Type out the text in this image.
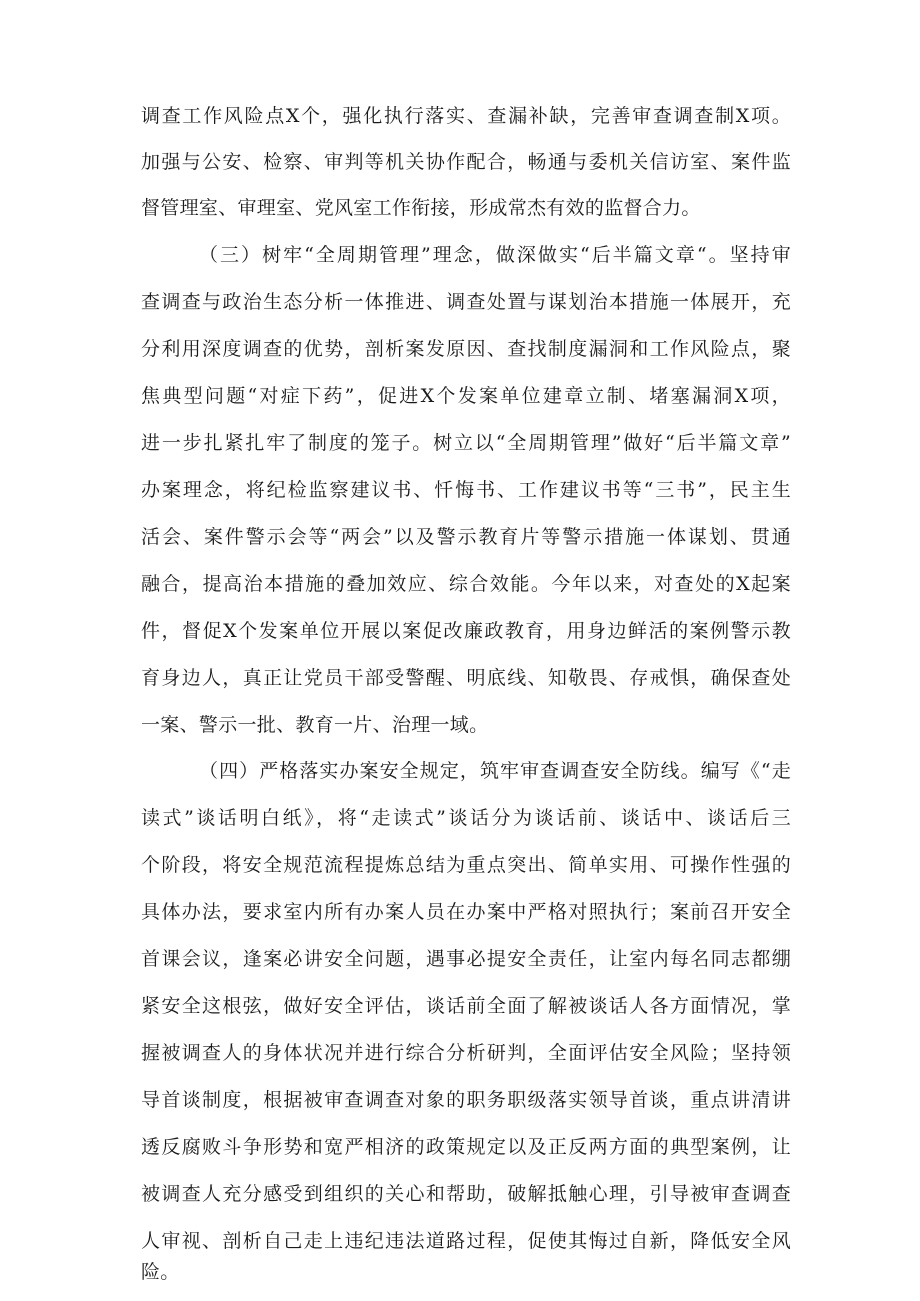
调查工作风险点X个，强化执行落实、查漏补缺，完善审查调查制X项。
加强与公安、检察、审判等机关协作配合，畅通与委机关信访室、案件监
督管理室、审理室、党风室工作衔接，形成常杰有效的监督合力。
（三）树牢“全周期管理”理念，做深做实“后半篇文章“。坚持审
查调查与政治生态分析一体推进、调查处置与谋划治本措施一体展开，充
分利用深度调查的优势，剖析案发原因、查找制度漏洞和工作风险点，聚
焦典型问题“对症下药”，促进X个发案单位建章立制、堵塞漏洞X项，
进一步扎紧扎牢了制度的笼子。树立以“全周期管理”做好“后半篇文章”
办案理念，将纪检监察建议书、忏悔书、工作建议书等“三书”，民主生
活会、案件警示会等“两会”以及警示教育片等警示措施一体谋划、贯通
融合，提高治本措施的叠加效应、综合效能。今年以来，对查处的X起案
件，督促X个发案单位开展以案促改廉政教育，用身边鲜活的案例警示教
育身边人，真正让党员干部受警醒、明底线、知敬畏、存戒惧，确保查处
一案、警示一批、教育一片、治理一域。
（四）严格落实办案安全规定，筑牢审查调查安全防线。编写《“走
读式”谈话明白纸》，将“走读式”谈话分为谈话前、谈话中、谈话后三
个阶段，将安全规范流程提炼总结为重点突出、简单实用、可操作性强的
具体办法，要求室内所有办案人员在办案中严格对照执行；案前召开安全
首课会议，逢案必讲安全问题，遇事必提安全责任，让室内每名同志都绷
紧安全这根弦，做好安全评估，谈话前全面了解被谈话人各方面情况，掌
握被调查人的身体状况并进行综合分析研判，全面评估安全风险；坚持领
导首谈制度，根据被审查调查对象的职务职级落实领导首谈，重点讲清讲
透反腐败斗争形势和宽严相济的政策规定以及正反两方面的典型案例，让
被调查人充分感受到组织的关心和帮助，破解抵触心理，引导被审查调查
人审视、剖析自己走上违纪违法道路过程，促使其悔过自新，降低安全风
险。
